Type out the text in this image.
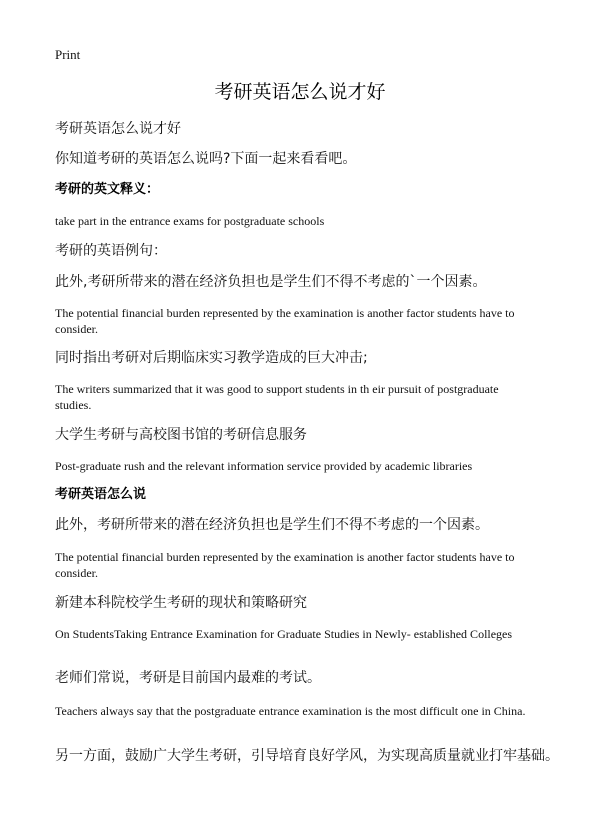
Print
考研英语怎么说才好
考研英语怎么说才好
你知道考研的英语怎么说吗?下面一起来看看吧。
考研的英文释义：
take part in the entrance exams for postgraduate schools
考研的英语例句：
此外,考研所带来的潜在经济负担也是学生们不得不考虑的`一个因素。
The potential financial burden represented by the examination is another factor students have to consider.
同时指出考研对后期临床实习教学造成的巨大冲击;
The writers summarized that it was good to support students in th eir pursuit of postgraduate studies.
大学生考研与高校图书馆的考研信息服务
Post-graduate rush and the relevant information service provided by academic libraries
考研英语怎么说
此外，考研所带来的潜在经济负担也是学生们不得不考虑的一个因素。
The potential financial burden represented by the examination is another factor students have to consider.
新建本科院校学生考研的现状和策略研究
On StudentsTaking Entrance Examination for Graduate Studies in Newly- established Colleges
老师们常说，考研是目前国内最难的考试。
Teachers always say that the postgraduate entrance examination is the most difficult one in China.
另一方面，鼓励广大学生考研，引导培育良好学风，为实现高质量就业打牢基础。
